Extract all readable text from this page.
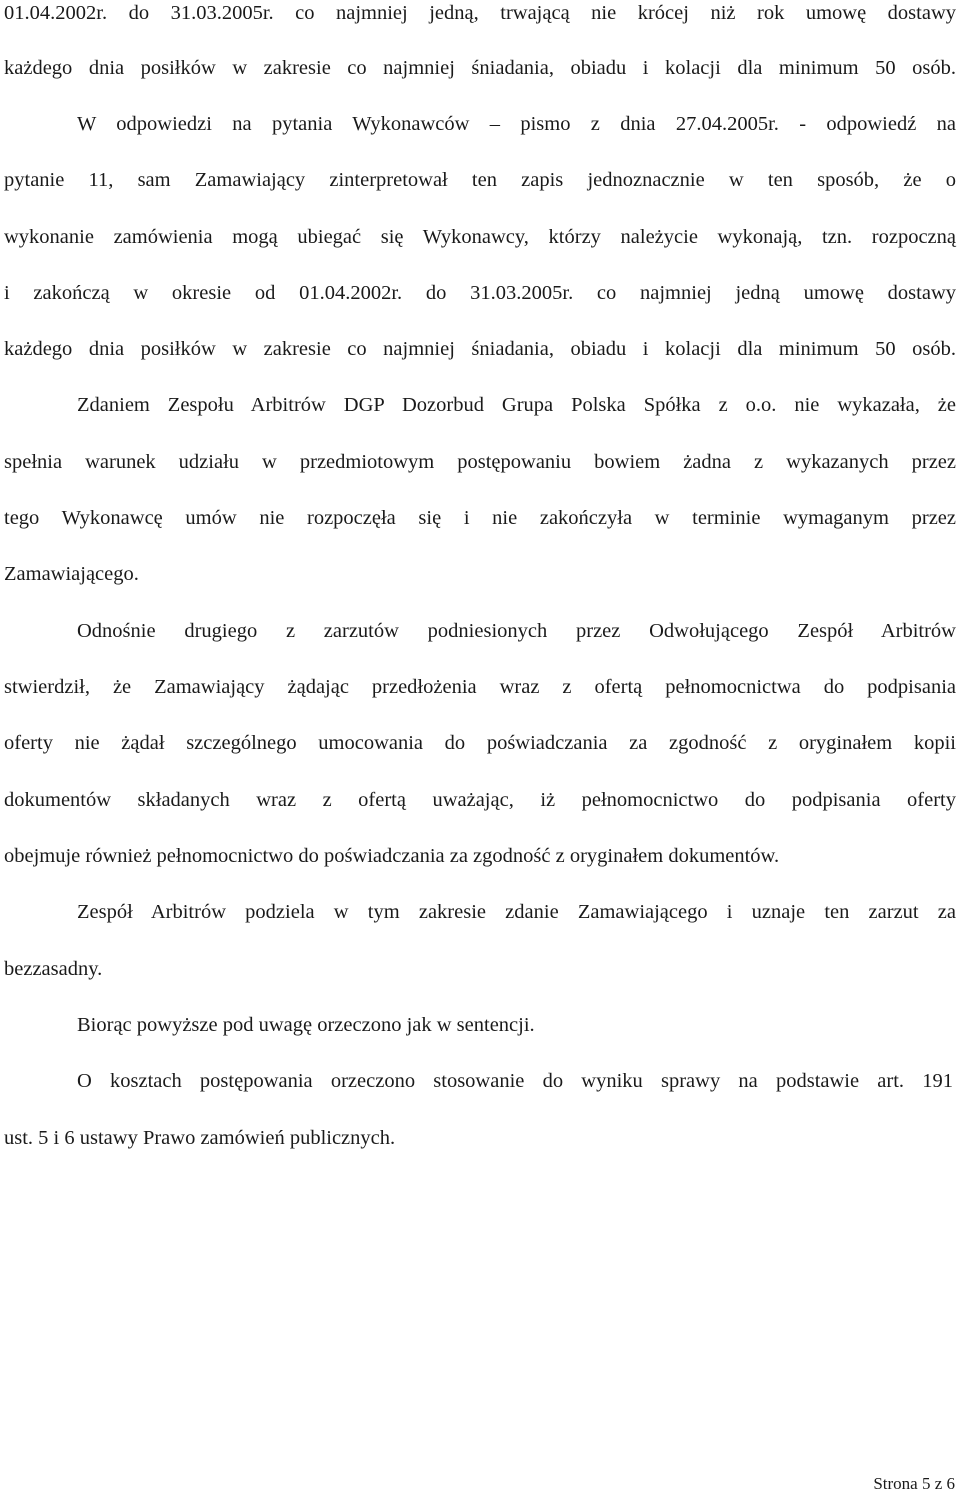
01.04.2002r. do 31.03.2005r. co najmniej jedną, trwającą nie krócej niż rok umowę dostawy
każdego dnia posiłków w zakresie co najmniej śniadania, obiadu i kolacji dla minimum 50 osób.
W odpowiedzi na pytania Wykonawców – pismo z dnia 27.04.2005r. - odpowiedź na
pytanie 11, sam Zamawiający zinterpretował ten zapis jednoznacznie w ten sposób, że o
wykonanie zamówienia mogą ubiegać się Wykonawcy, którzy należycie wykonają, tzn. rozpoczną
i zakończą w okresie od 01.04.2002r. do 31.03.2005r. co najmniej jedną umowę dostawy
każdego dnia posiłków w zakresie co najmniej śniadania, obiadu i kolacji dla minimum 50 osób.
Zdaniem Zespołu Arbitrów DGP Dozorbud Grupa Polska Spółka z o.o. nie wykazała, że
spełnia warunek udziału w przedmiotowym postępowaniu bowiem żadna z wykazanych przez
tego Wykonawcę umów nie rozpoczęła się i nie zakończyła w terminie wymaganym przez
Zamawiającego.
Odnośnie drugiego z zarzutów podniesionych przez Odwołującego Zespół Arbitrów
stwierdził, że Zamawiający żądając przedłożenia wraz z ofertą pełnomocnictwa do podpisania
oferty nie żądał szczególnego umocowania do poświadczania za zgodność z oryginałem kopii
dokumentów składanych wraz z ofertą uważając, iż pełnomocnictwo do podpisania oferty
obejmuje również pełnomocnictwo do poświadczania za zgodność z oryginałem dokumentów.
Zespół Arbitrów podziela w tym zakresie zdanie Zamawiającego i uznaje ten zarzut za
bezzasadny.
Biorąc powyższe pod uwagę orzeczono jak w sentencji.
O kosztach postępowania orzeczono stosowanie do wyniku sprawy na podstawie art. 191
ust. 5 i 6 ustawy Prawo zamówień publicznych.
Strona 5 z 6
